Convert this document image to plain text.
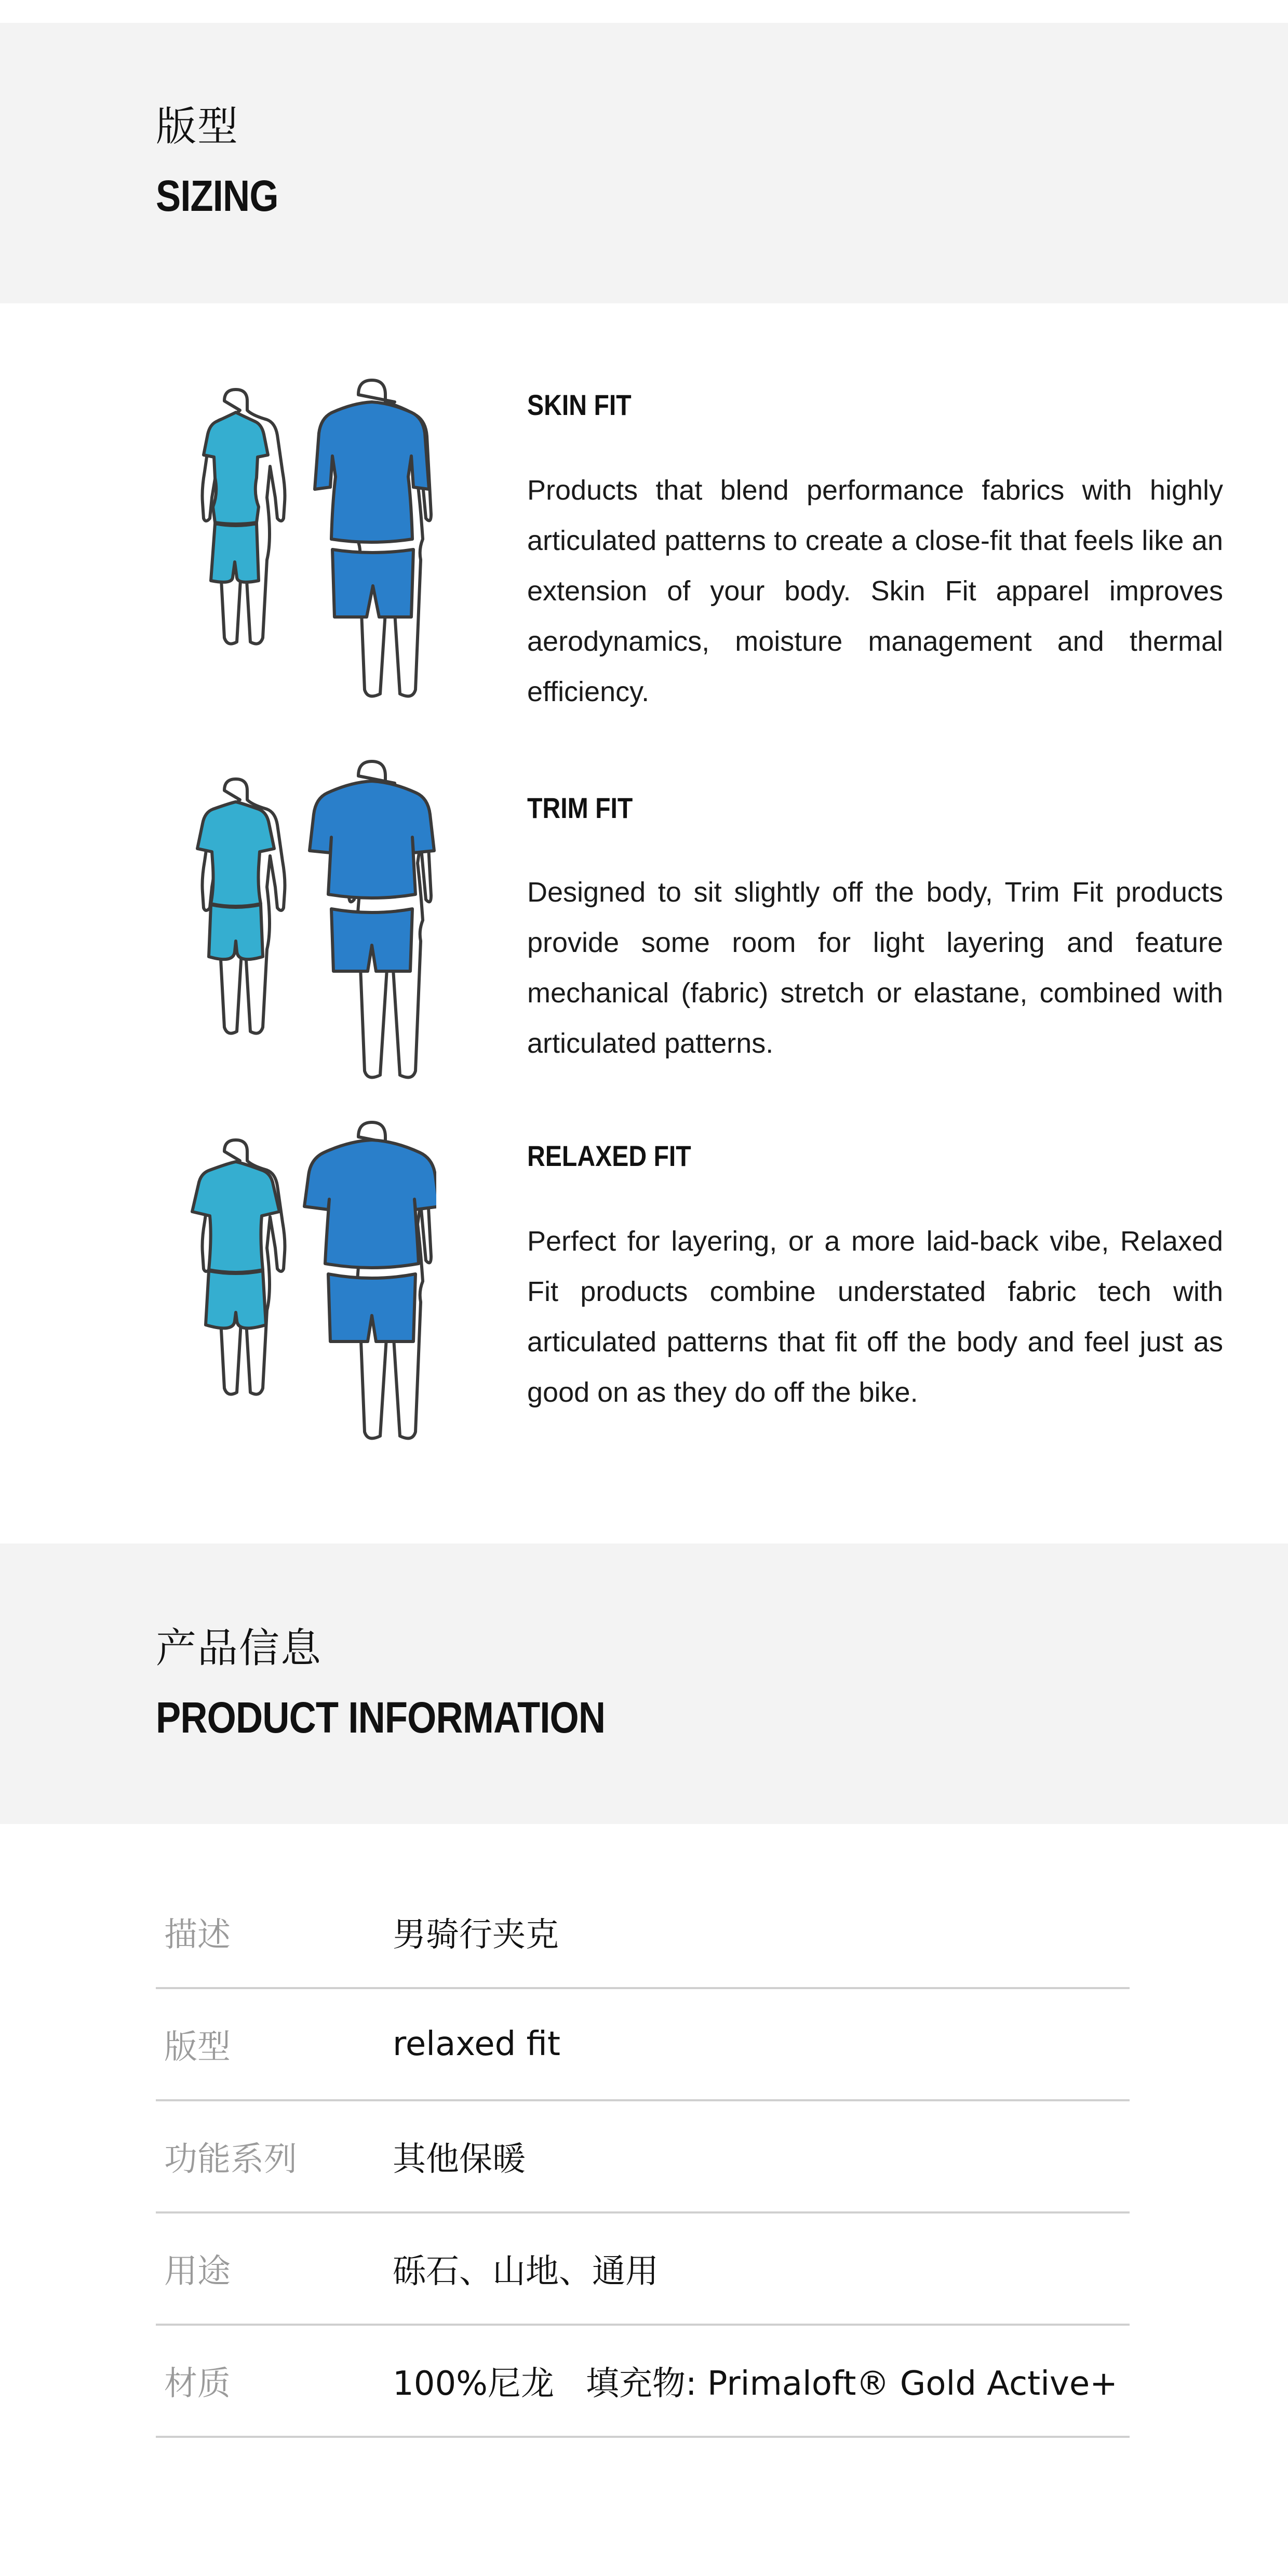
版型
SIZING
SKIN FIT
Products that blend performance fabrics with highly articulated patterns to create a close-fit that feels like an extension of your body. Skin Fit apparel improves aerodynamics, moisture management and thermal efficiency.
TRIM FIT
Designed to sit slightly off the body, Trim Fit products provide some room for light layering and feature mechanical (fabric) stretch or elastane, combined with articulated patterns.
RELAXED FIT
Perfect for layering, or a more laid-back vibe, Relaxed Fit products combine understated fabric tech with articulated patterns that fit off the body and feel just as good on as they do off the bike.
产品信息
PRODUCT INFORMATION
描述	男骑行夹克
版型	relaxed fit
功能系列	其他保暖
用途	砾石、山地、通用
材质	100%尼龙   填充物: Primaloft® Gold Active+
